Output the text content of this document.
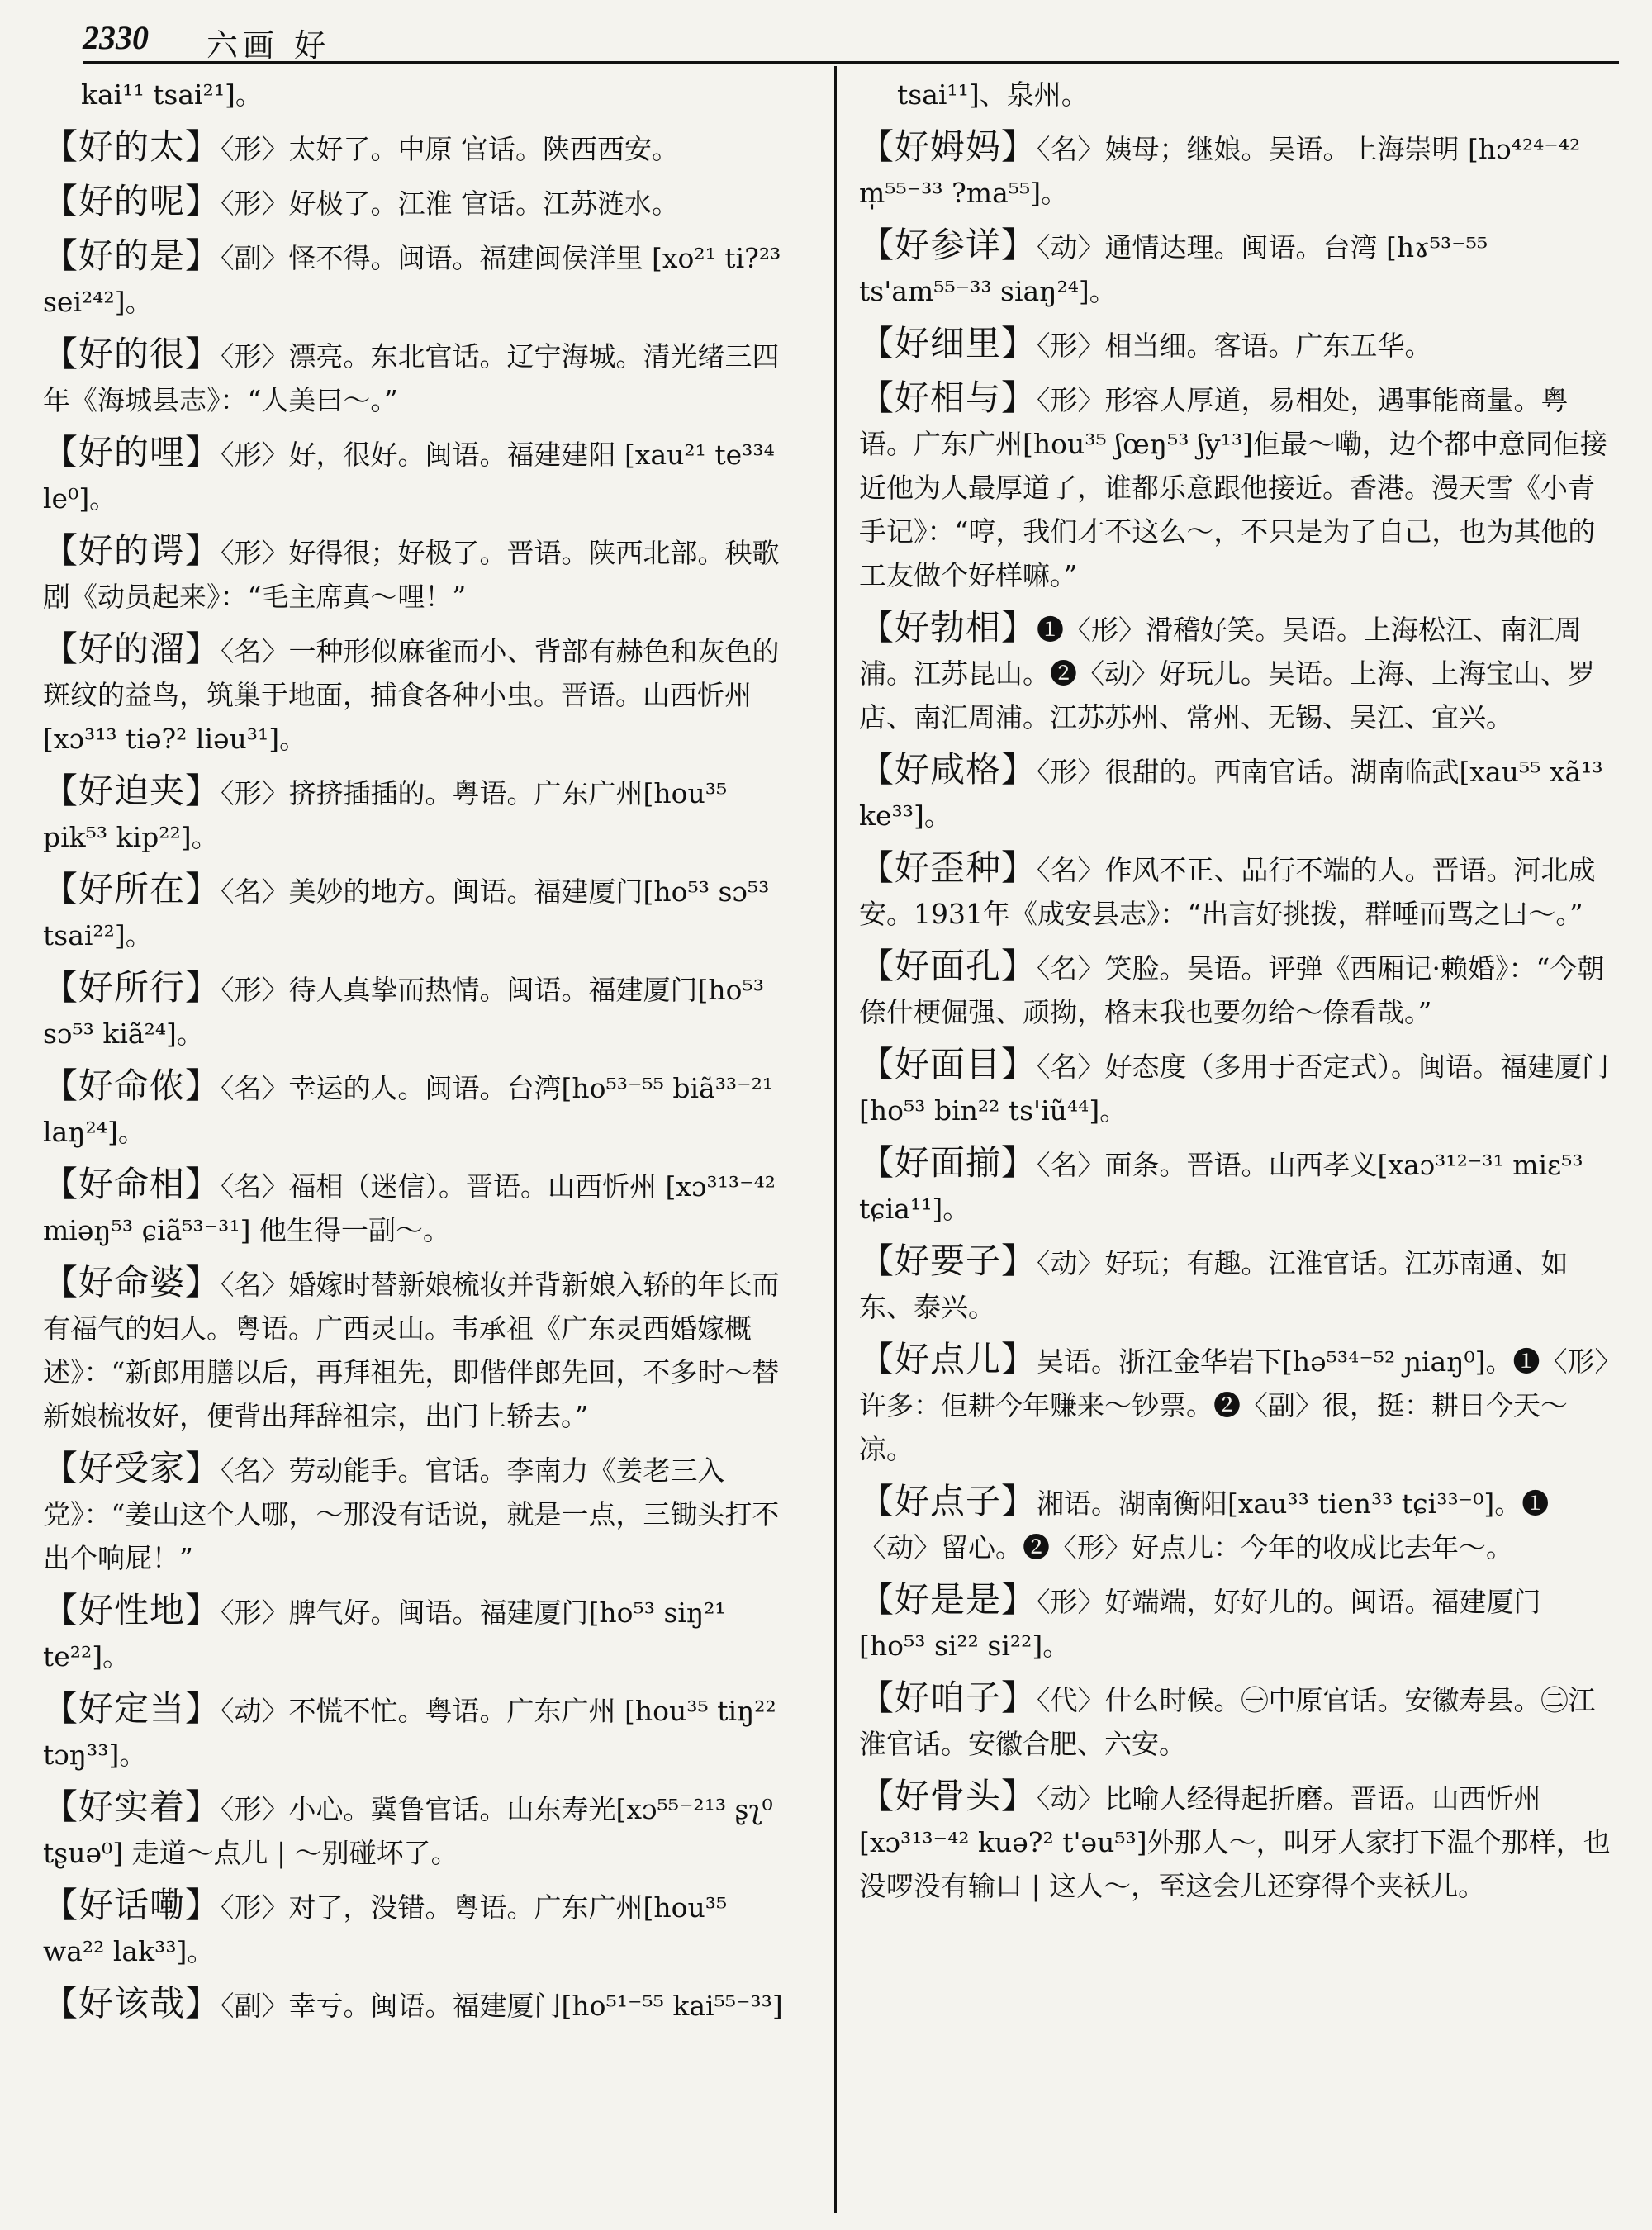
2330 六画 好
kai¹¹ tsai²¹]。
【好的太】〈形〉太好了。中原 官话。陕西西安。
【好的呢】〈形〉好极了。江淮 官话。江苏涟水。
【好的是】〈副〉怪不得。闽语。福建闽侯洋里 [xo²¹ ti?²³ sei²⁴²]。
【好的很】〈形〉漂亮。东北官话。辽宁海城。清光绪三四年《海城县志》：“人美曰～。”
【好的哩】〈形〉好，很好。闽语。福建建阳 [xau²¹ te³³⁴ le⁰]。
【好的谔】〈形〉好得很；好极了。晋语。陕西北部。秧歌剧《动员起来》：“毛主席真～哩！”
【好的溜】〈名〉一种形似麻雀而小、背部有赫色和灰色的斑纹的益鸟，筑巢于地面，捕食各种小虫。晋语。山西忻州 [xɔ³¹³ tiə?² liəu³¹]。
【好迫夹】〈形〉挤挤插插的。粤语。广东广州[hou³⁵ pik⁵³ kip²²]。
【好所在】〈名〉美妙的地方。闽语。福建厦门[ho⁵³ sɔ⁵³ tsai²²]。
【好所行】〈形〉待人真挚而热情。闽语。福建厦门[ho⁵³ sɔ⁵³ kiã²⁴]。
【好命侬】〈名〉幸运的人。闽语。台湾[ho⁵³⁻⁵⁵ biã³³⁻²¹ laŋ²⁴]。
【好命相】〈名〉福相（迷信）。晋语。山西忻州 [xɔ³¹³⁻⁴² miəŋ⁵³ ɕiã⁵³⁻³¹] 他生得一副～。
【好命婆】〈名〉婚嫁时替新娘梳妆并背新娘入轿的年长而有福气的妇人。粤语。广西灵山。韦承祖《广东灵西婚嫁概述》：“新郎用膳以后，再拜祖先，即偕伴郎先回，不多时～替新娘梳妆好，便背出拜辞祖宗，出门上轿去。”
【好受家】〈名〉劳动能手。官话。李南力《姜老三入党》：“姜山这个人哪，～那没有话说，就是一点，三锄头打不出个响屁！”
【好性地】〈形〉脾气好。闽语。福建厦门[ho⁵³ siŋ²¹ te²²]。
【好定当】〈动〉不慌不忙。粤语。广东广州 [hou³⁵ tiŋ²² tɔŋ³³]。
【好实着】〈形〉小心。冀鲁官话。山东寿光[xɔ⁵⁵⁻²¹³ ʂʅ⁰ tʂuə⁰] 走道～点儿 | ～别碰坏了。
【好话嘞】〈形〉对了，没错。粤语。广东广州[hou³⁵ wa²² lak³³]。
【好该哉】〈副〉幸亏。闽语。福建厦门[ho⁵¹⁻⁵⁵ kai⁵⁵⁻³³]
tsai¹¹]、泉州。
【好姆妈】〈名〉姨母；继娘。吴语。上海崇明 [hɔ⁴²⁴⁻⁴² m̩⁵⁵⁻³³ ?ma⁵⁵]。
【好参详】〈动〉通情达理。闽语。台湾 [hɤ⁵³⁻⁵⁵ ts'am⁵⁵⁻³³ siaŋ²⁴]。
【好细里】〈形〉相当细。客语。广东五华。
【好相与】〈形〉形容人厚道，易相处，遇事能商量。粤语。广东广州[hou³⁵ ʃœŋ⁵³ ʃy¹³]佢最～嘞，边个都中意同佢接近他为人最厚道了，谁都乐意跟他接近。香港。漫天雪《小青手记》：“哼，我们才不这么～，不只是为了自己，也为其他的工友做个好样嘛。”
【好勃相】❶〈形〉滑稽好笑。吴语。上海松江、南汇周浦。江苏昆山。❷〈动〉好玩儿。吴语。上海、上海宝山、罗店、南汇周浦。江苏苏州、常州、无锡、吴江、宜兴。
【好咸格】〈形〉很甜的。西南官话。湖南临武[xau⁵⁵ xã¹³ ke³³]。
【好歪种】〈名〉作风不正、品行不端的人。晋语。河北成安。1931年《成安县志》：“出言好挑拨，群唾而骂之曰～。”
【好面孔】〈名〉笑脸。吴语。评弹《西厢记·赖婚》：“今朝倷什梗倔强、顽拗，格末我也要勿给～倷看哉。”
【好面目】〈名〉好态度（多用于否定式）。闽语。福建厦门 [ho⁵³ bin²² ts'iũ⁴⁴]。
【好面揃】〈名〉面条。晋语。山西孝义[xaɔ³¹²⁻³¹ miɛ⁵³ tɕia¹¹]。
【好要子】〈动〉好玩；有趣。江淮官话。江苏南通、如东、泰兴。
【好点儿】吴语。浙江金华岩下[hə⁵³⁴⁻⁵² ɲiaŋ⁰]。❶〈形〉许多：佢耕今年赚来～钞票。❷〈副〉很，挺：耕日今天～凉。
【好点子】湘语。湖南衡阳[xau³³ tien³³ tɕi³³⁻⁰]。❶〈动〉留心。❷〈形〉好点儿：今年的收成比去年～。
【好是是】〈形〉好端端，好好儿的。闽语。福建厦门 [ho⁵³ si²² si²²]。
【好咱子】〈代〉什么时候。㊀中原官话。安徽寿县。㊁江淮官话。安徽合肥、六安。
【好骨头】〈动〉比喻人经得起折磨。晋语。山西忻州 [xɔ³¹³⁻⁴² kuə?² t'əu⁵³]外那人～，叫牙人家打下温个那样，也没啰没有输口 | 这人～，至这会儿还穿得个夹袄儿。
